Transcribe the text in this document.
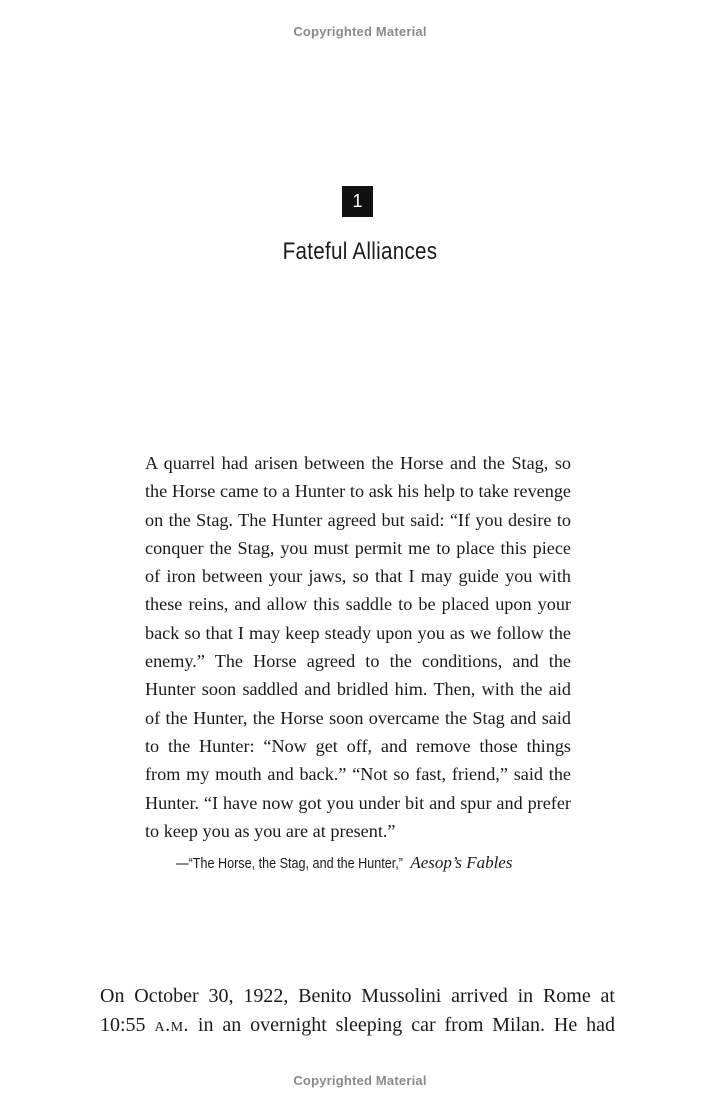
Copyrighted Material
1
Fateful Alliances

A quarrel had arisen between the Horse and the Stag, so the Horse came to a Hunter to ask his help to take revenge on the Stag. The Hunter agreed but said: “If you desire to conquer the Stag, you must permit me to place this piece of iron between your jaws, so that I may guide you with these reins, and allow this saddle to be placed upon your back so that I may keep steady upon you as we follow the enemy.” The Horse agreed to the conditions, and the Hunter soon saddled and bridled him. Then, with the aid of the Hunter, the Horse soon overcame the Stag and said to the Hunter: “Now get off, and remove those things from my mouth and back.” “Not so fast, friend,” said the Hunter. “I have now got you under bit and spur and prefer to keep you as you are at present.”

—“The Horse, the Stag, and the Hunter,” Aesop’s Fables

On October 30, 1922, Benito Mussolini arrived in Rome at 10:55 a.m. in an overnight sleeping car from Milan. He had

Copyrighted Material
